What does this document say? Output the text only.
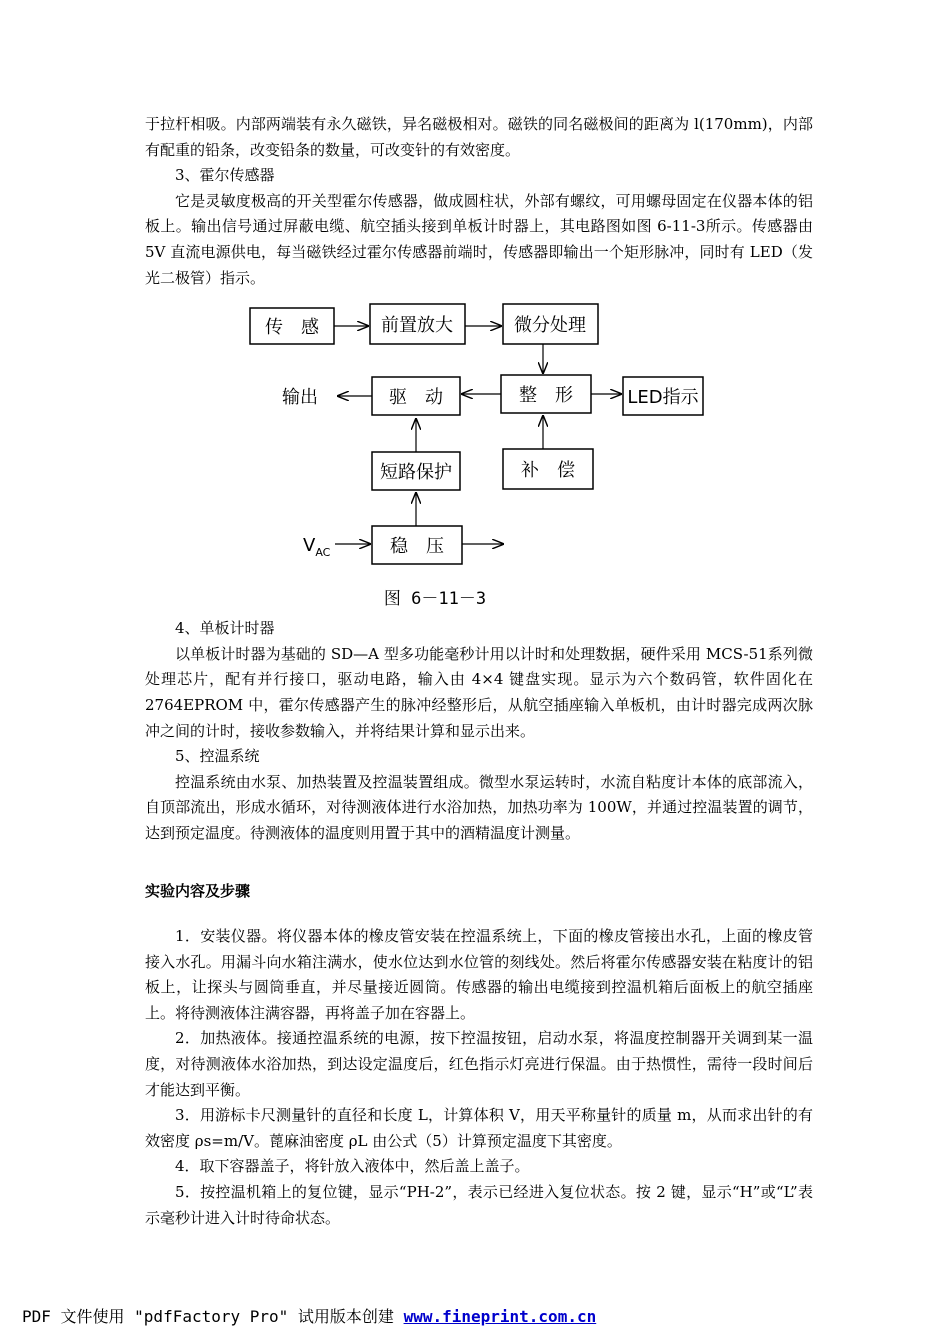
于拉杆相吸。内部两端装有永久磁铁，异名磁极相对。磁铁的同名磁极间的距离为 l(170mm)，内部有配重的铅条，改变铅条的数量，可改变针的有效密度。

3、霍尔传感器

它是灵敏度极高的开关型霍尔传感器，做成圆柱状，外部有螺纹，可用螺母固定在仪器本体的铝板上。输出信号通过屏蔽电缆、航空插头接到单板计时器上，其电路图如图 6-11-3所示。传感器由 5V 直流电源供电，每当磁铁经过霍尔传感器前端时，传感器即输出一个矩形脉冲，同时有 LED（发光二极管）指示。

传　感	前置放大	微分处理
输出	驱　动	整　形	LED指示
短路保护	补　偿
$V_{AC}$	稳　压
图 6－11－3

4、单板计时器

以单板计时器为基础的 SD—A 型多功能毫秒计用以计时和处理数据，硬件采用 MCS-51系列微处理芯片，配有并行接口，驱动电路，输入由 4×4 键盘实现。显示为六个数码管，软件固化在 2764EPROM 中，霍尔传感器产生的脉冲经整形后，从航空插座输入单板机，由计时器完成两次脉冲之间的计时，接收参数输入，并将结果计算和显示出来。

5、控温系统

控温系统由水泵、加热装置及控温装置组成。微型水泵运转时，水流自粘度计本体的底部流入，自顶部流出，形成水循环，对待测液体进行水浴加热，加热功率为 100W，并通过控温装置的调节，达到预定温度。待测液体的温度则用置于其中的酒精温度计测量。

实验内容及步骤

1．安装仪器。将仪器本体的橡皮管安装在控温系统上，下面的橡皮管接出水孔，上面的橡皮管接入水孔。用漏斗向水箱注满水，使水位达到水位管的刻线处。然后将霍尔传感器安装在粘度计的铝板上，让探头与圆筒垂直，并尽量接近圆筒。传感器的输出电缆接到控温机箱后面板上的航空插座上。将待测液体注满容器，再将盖子加在容器上。

2．加热液体。接通控温系统的电源，按下控温按钮，启动水泵，将温度控制器开关调到某一温度，对待测液体水浴加热，到达设定温度后，红色指示灯亮进行保温。由于热惯性，需待一段时间后才能达到平衡。

3．用游标卡尺测量针的直径和长度 L，计算体积 V，用天平称量针的质量 m，从而求出针的有效密度 ρs=m/V。蓖麻油密度 ρL 由公式（5）计算预定温度下其密度。

4．取下容器盖子，将针放入液体中，然后盖上盖子。

5．按控温机箱上的复位键，显示“PH-2”，表示已经进入复位状态。按 2 键，显示“H”或“L”表示毫秒计进入计时待命状态。

PDF 文件使用 "pdfFactory Pro" 试用版本创建 www.fineprint.com.cn
